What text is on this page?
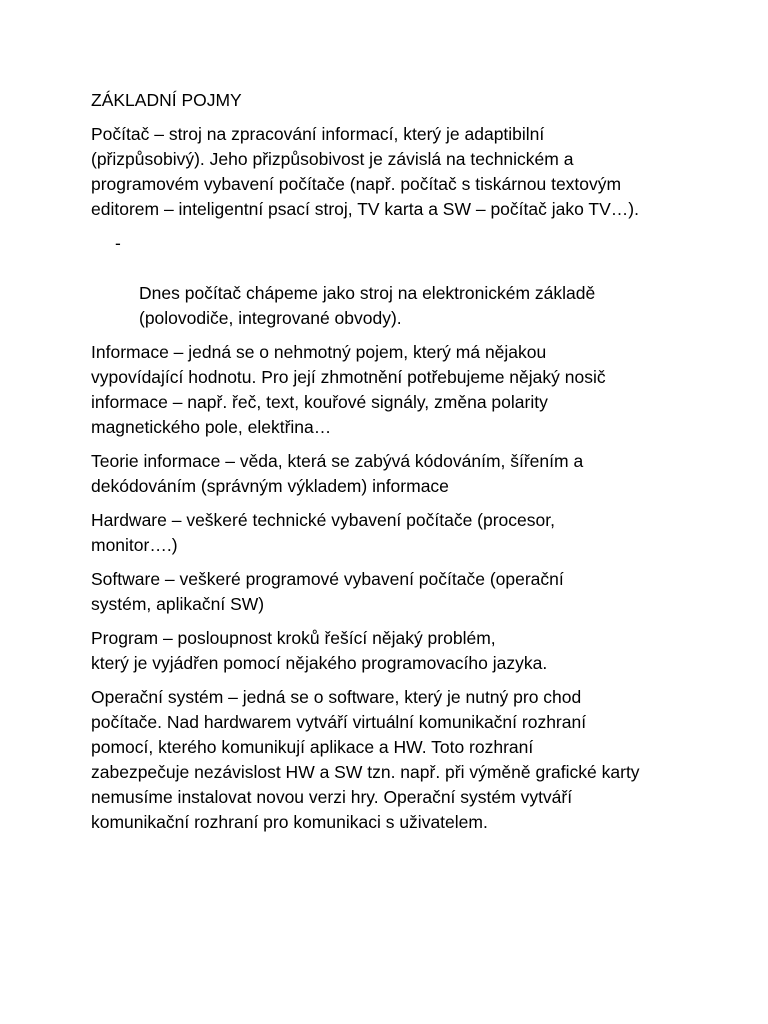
ZÁKLADNÍ POJMY

Počítač – stroj na zpracování informací, který je adaptibilní
(přizpůsobivý). Jeho přizpůsobivost je závislá na technickém a
programovém vybavení počítače (např. počítač s tiskárnou textovým
editorem – inteligentní psací stroj, TV karta a SW – počítač jako TV…).

-

Dnes počítač chápeme jako stroj na elektronickém základě
(polovodiče, integrované obvody).

Informace – jedná se o nehmotný pojem, který má nějakou
vypovídající hodnotu. Pro její zhmotnění potřebujeme nějaký nosič
informace – např. řeč, text, kouřové signály, změna polarity
magnetického pole, elektřina…

Teorie informace – věda, která se zabývá kódováním, šířením a
dekódováním (správným výkladem) informace

Hardware – veškeré technické vybavení počítače (procesor,
monitor….)

Software – veškeré programové vybavení počítače (operační
systém, aplikační SW)

Program – posloupnost kroků řešící nějaký problém,
který je vyjádřen pomocí nějakého programovacího jazyka.

Operační systém – jedná se o software, který je nutný pro chod
počítače. Nad hardwarem vytváří virtuální komunikační rozhraní
pomocí, kterého komunikují aplikace a HW. Toto rozhraní
zabezpečuje nezávislost HW a SW tzn. např. při výměně grafické karty
nemusíme instalovat novou verzi hry. Operační systém vytváří
komunikační rozhraní pro komunikaci s uživatelem.
